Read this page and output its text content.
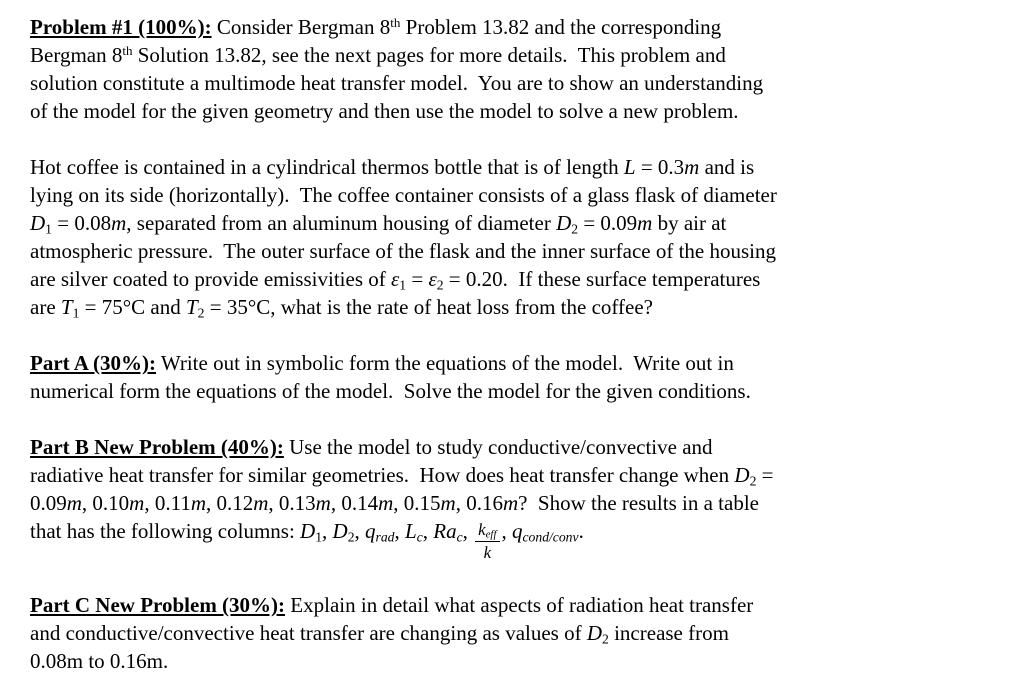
Problem #1 (100%): Consider Bergman 8th Problem 13.82 and the corresponding
Bergman 8th Solution 13.82, see the next pages for more details.  This problem and
solution constitute a multimode heat transfer model.  You are to show an understanding
of the model for the given geometry and then use the model to solve a new problem.
Hot coffee is contained in a cylindrical thermos bottle that is of length L = 0.3m and is
lying on its side (horizontally).  The coffee container consists of a glass flask of diameter
$D_1 = 0.08m$, separated from an aluminum housing of diameter $D_2 = 0.09m$ by air at
atmospheric pressure.  The outer surface of the flask and the inner surface of the housing
are silver coated to provide emissivities of $\varepsilon_1 = \varepsilon_2 = 0.20$.  If these surface temperatures
are $T_1 = 75^\circ C$ and $T_2 = 35^\circ C$, what is the rate of heat loss from the coffee?
Part A (30%): Write out in symbolic form the equations of the model.  Write out in
numerical form the equations of the model.  Solve the model for the given conditions.
Part B New Problem (40%): Use the model to study conductive/convective and
radiative heat transfer for similar geometries.  How does heat transfer change when $D_2$ =
0.09m, 0.10m, 0.11m, 0.12m, 0.13m, 0.14m, 0.15m, 0.16m?  Show the results in a table
that has the following columns: $D_1$, $D_2$, $q_{rad}$, $L_c$, $Ra_c$, $\frac{k_{eff}}{k}$ , $q_{cond/conv}$.
Part C New Problem (30%): Explain in detail what aspects of radiation heat transfer
and conductive/convective heat transfer are changing as values of $D_2$ increase from
0.08m to 0.16m.
